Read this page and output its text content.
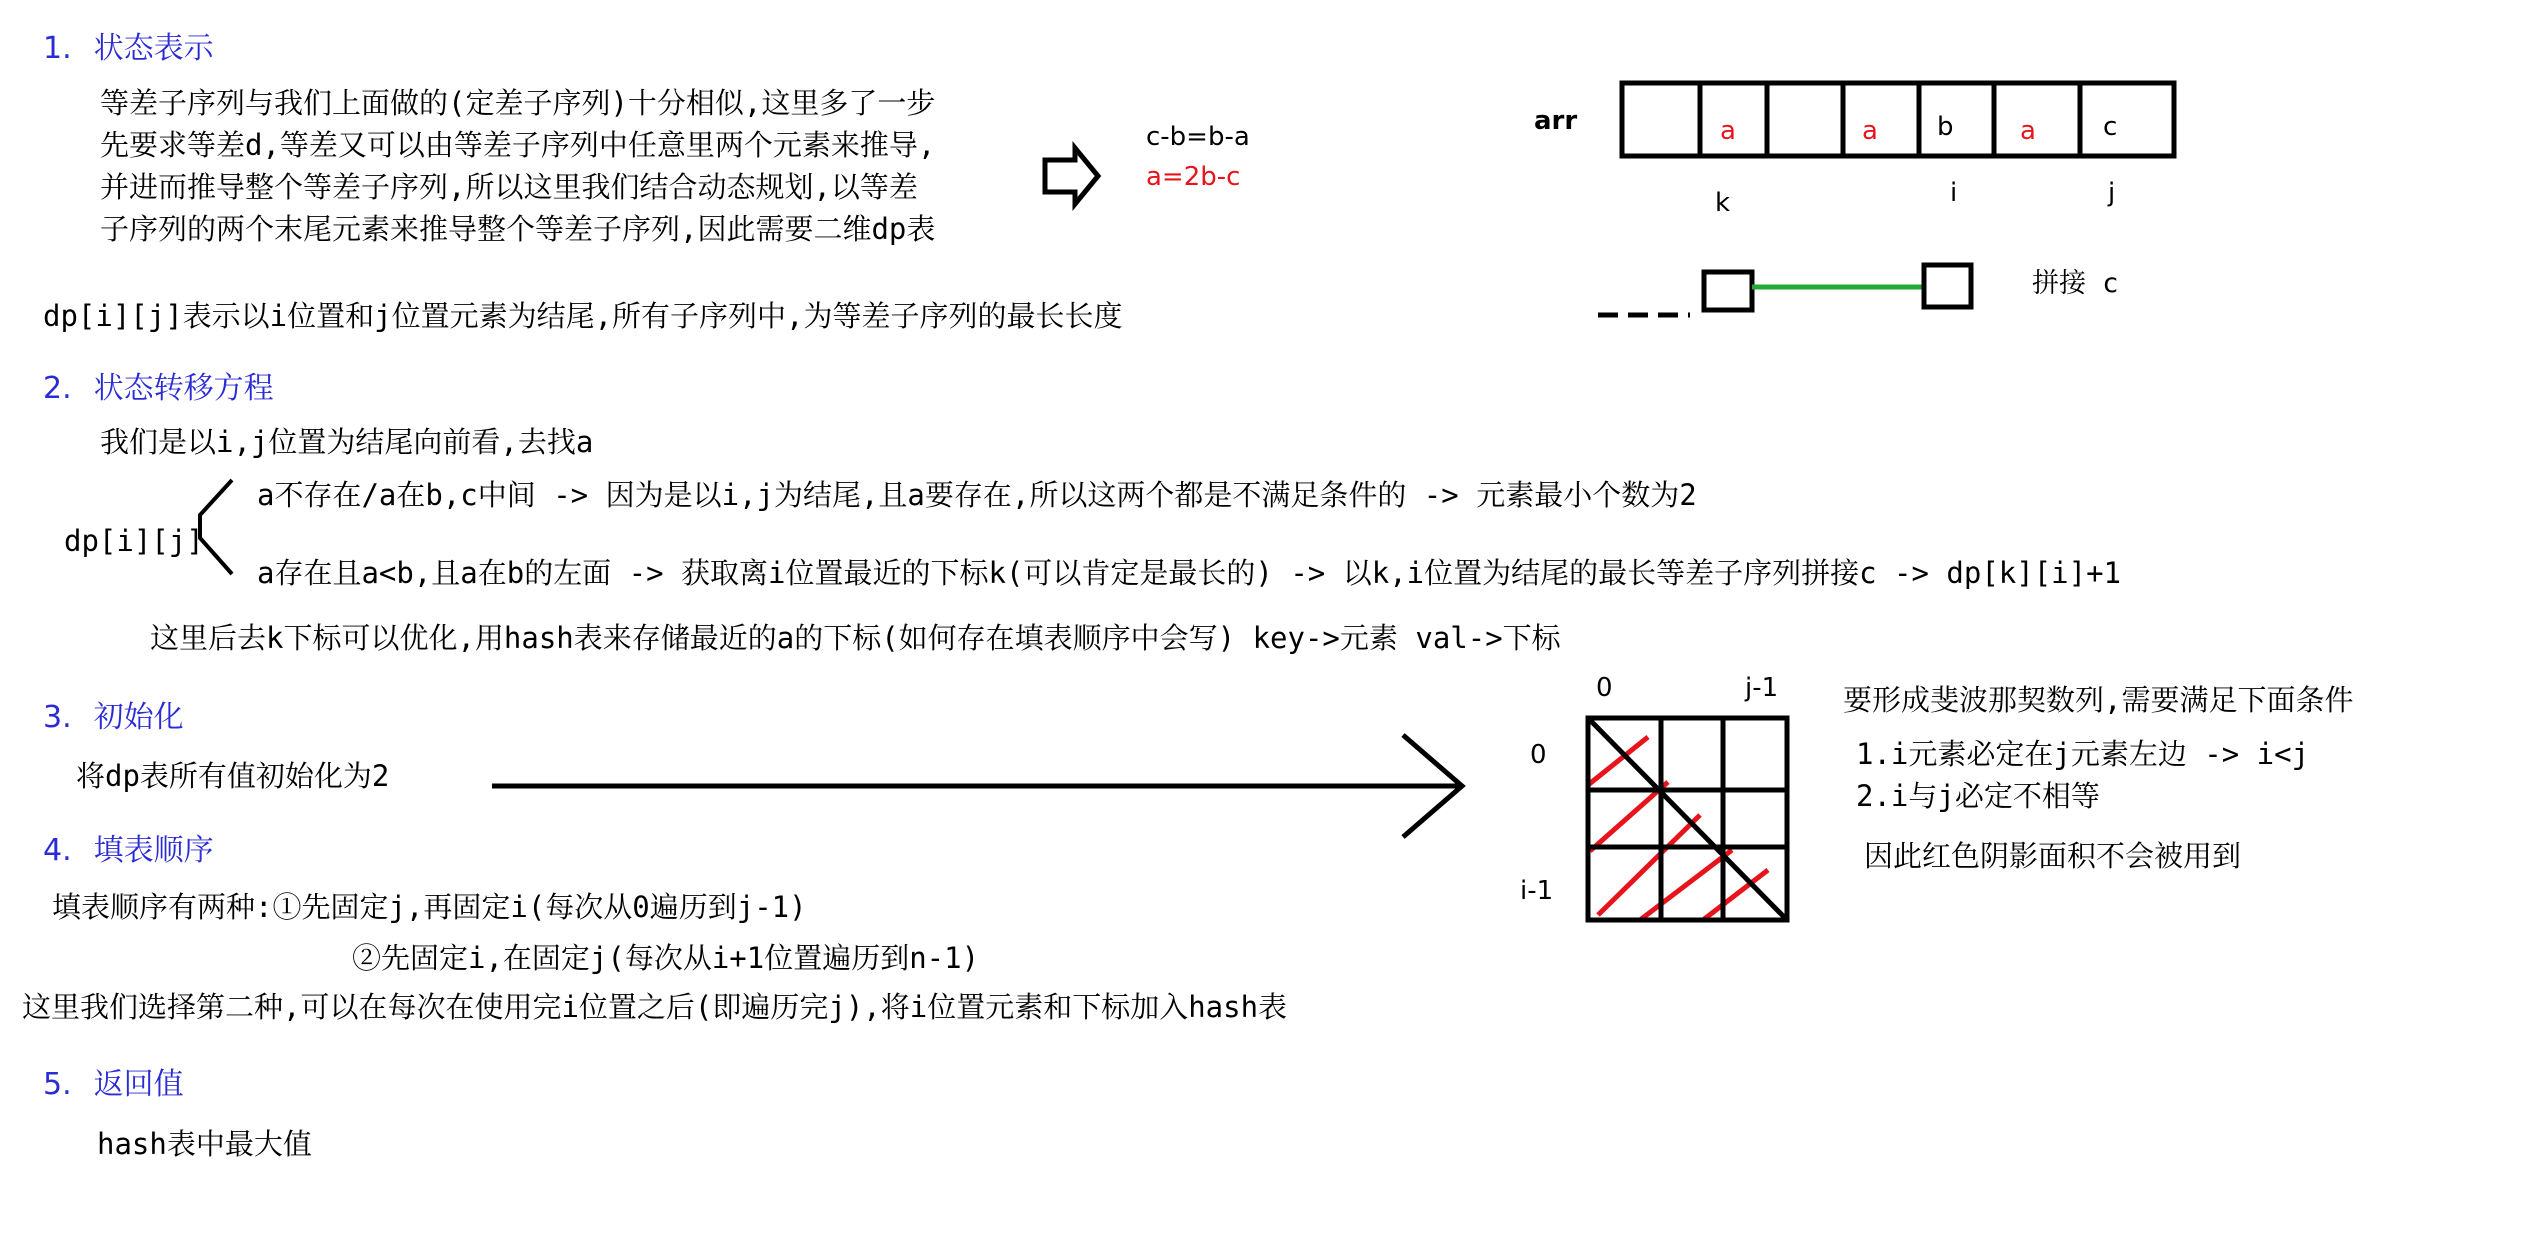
1. 状态表示
等差子序列与我们上面做的(定差子序列)十分相似,这里多了一步
先要求等差d,等差又可以由等差子序列中任意里两个元素来推导,
并进而推导整个等差子序列,所以这里我们结合动态规划,以等差
子序列的两个末尾元素来推导整个等差子序列,因此需要二维dp表
c-b=b-a
a=2b-c
dp[i][j]表示以i位置和j位置元素为结尾,所有子序列中,为等差子序列的最长长度
arr	a	a b	a	c
k	i	j
拼接 c
2. 状态转移方程
我们是以i,j位置为结尾向前看,去找a
dp[i][j]
a不存在/a在b,c中间 -> 因为是以i,j为结尾,且a要存在,所以这两个都是不满足条件的 -> 元素最小个数为2
a存在且a<b,且a在b的左面 -> 获取离i位置最近的下标k(可以肯定是最长的) -> 以k,i位置为结尾的最长等差子序列拼接c -> dp[k][i]+1
这里后去k下标可以优化,用hash表来存储最近的a的下标(如何存在填表顺序中会写) key->元素 val->下标
3. 初始化
将dp表所有值初始化为2
0	j-1
0
i-1
要形成斐波那契数列,需要满足下面条件
1.i元素必定在j元素左边 -> i<j
2.i与j必定不相等
因此红色阴影面积不会被用到
4. 填表顺序
填表顺序有两种:①先固定j,再固定i(每次从0遍历到j-1)
②先固定i,在固定j(每次从i+1位置遍历到n-1)
这里我们选择第二种,可以在每次在使用完i位置之后(即遍历完j),将i位置元素和下标加入hash表
5. 返回值
hash表中最大值
